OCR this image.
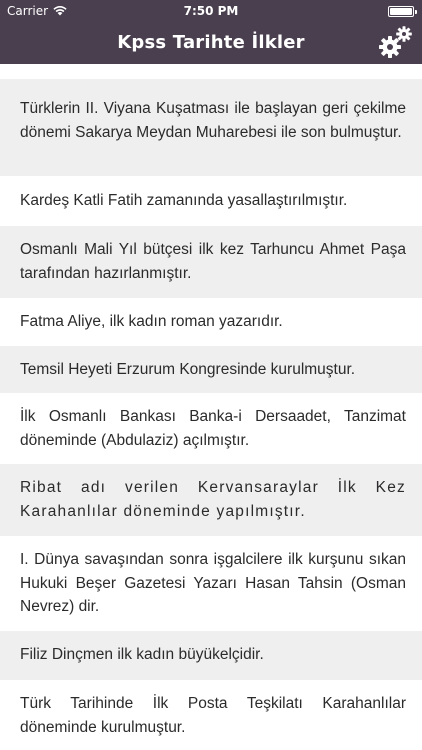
Carrier	7:50 PM
Kpss Tarihte İlkler
Türklerin II. Viyana Kuşatması ile başlayan geri çekilme dönemi Sakarya Meydan Muharebesi ile son bulmuştur.
Kardeş Katli Fatih zamanında yasallaştırılmıştır.
Osmanlı Mali Yıl bütçesi ilk kez Tarhuncu Ahmet Paşa tarafından hazırlanmıştır.
Fatma Aliye, ilk kadın roman yazarıdır.
Temsil Heyeti Erzurum Kongresinde kurulmuştur.
İlk Osmanlı Bankası Banka-i Dersaadet, Tanzimat döneminde (Abdulaziz) açılmıştır.
Ribat adı verilen Kervansaraylar İlk Kez Karahanlılar döneminde yapılmıştır.
I. Dünya savaşından sonra işgalcilere ilk kurşunu sıkan Hukuki Beşer Gazetesi Yazarı Hasan Tahsin (Osman Nevrez) dir.
Filiz Dinçmen ilk kadın büyükelçidir.
Türk Tarihinde İlk Posta Teşkilatı Karahanlılar döneminde kurulmuştur.
